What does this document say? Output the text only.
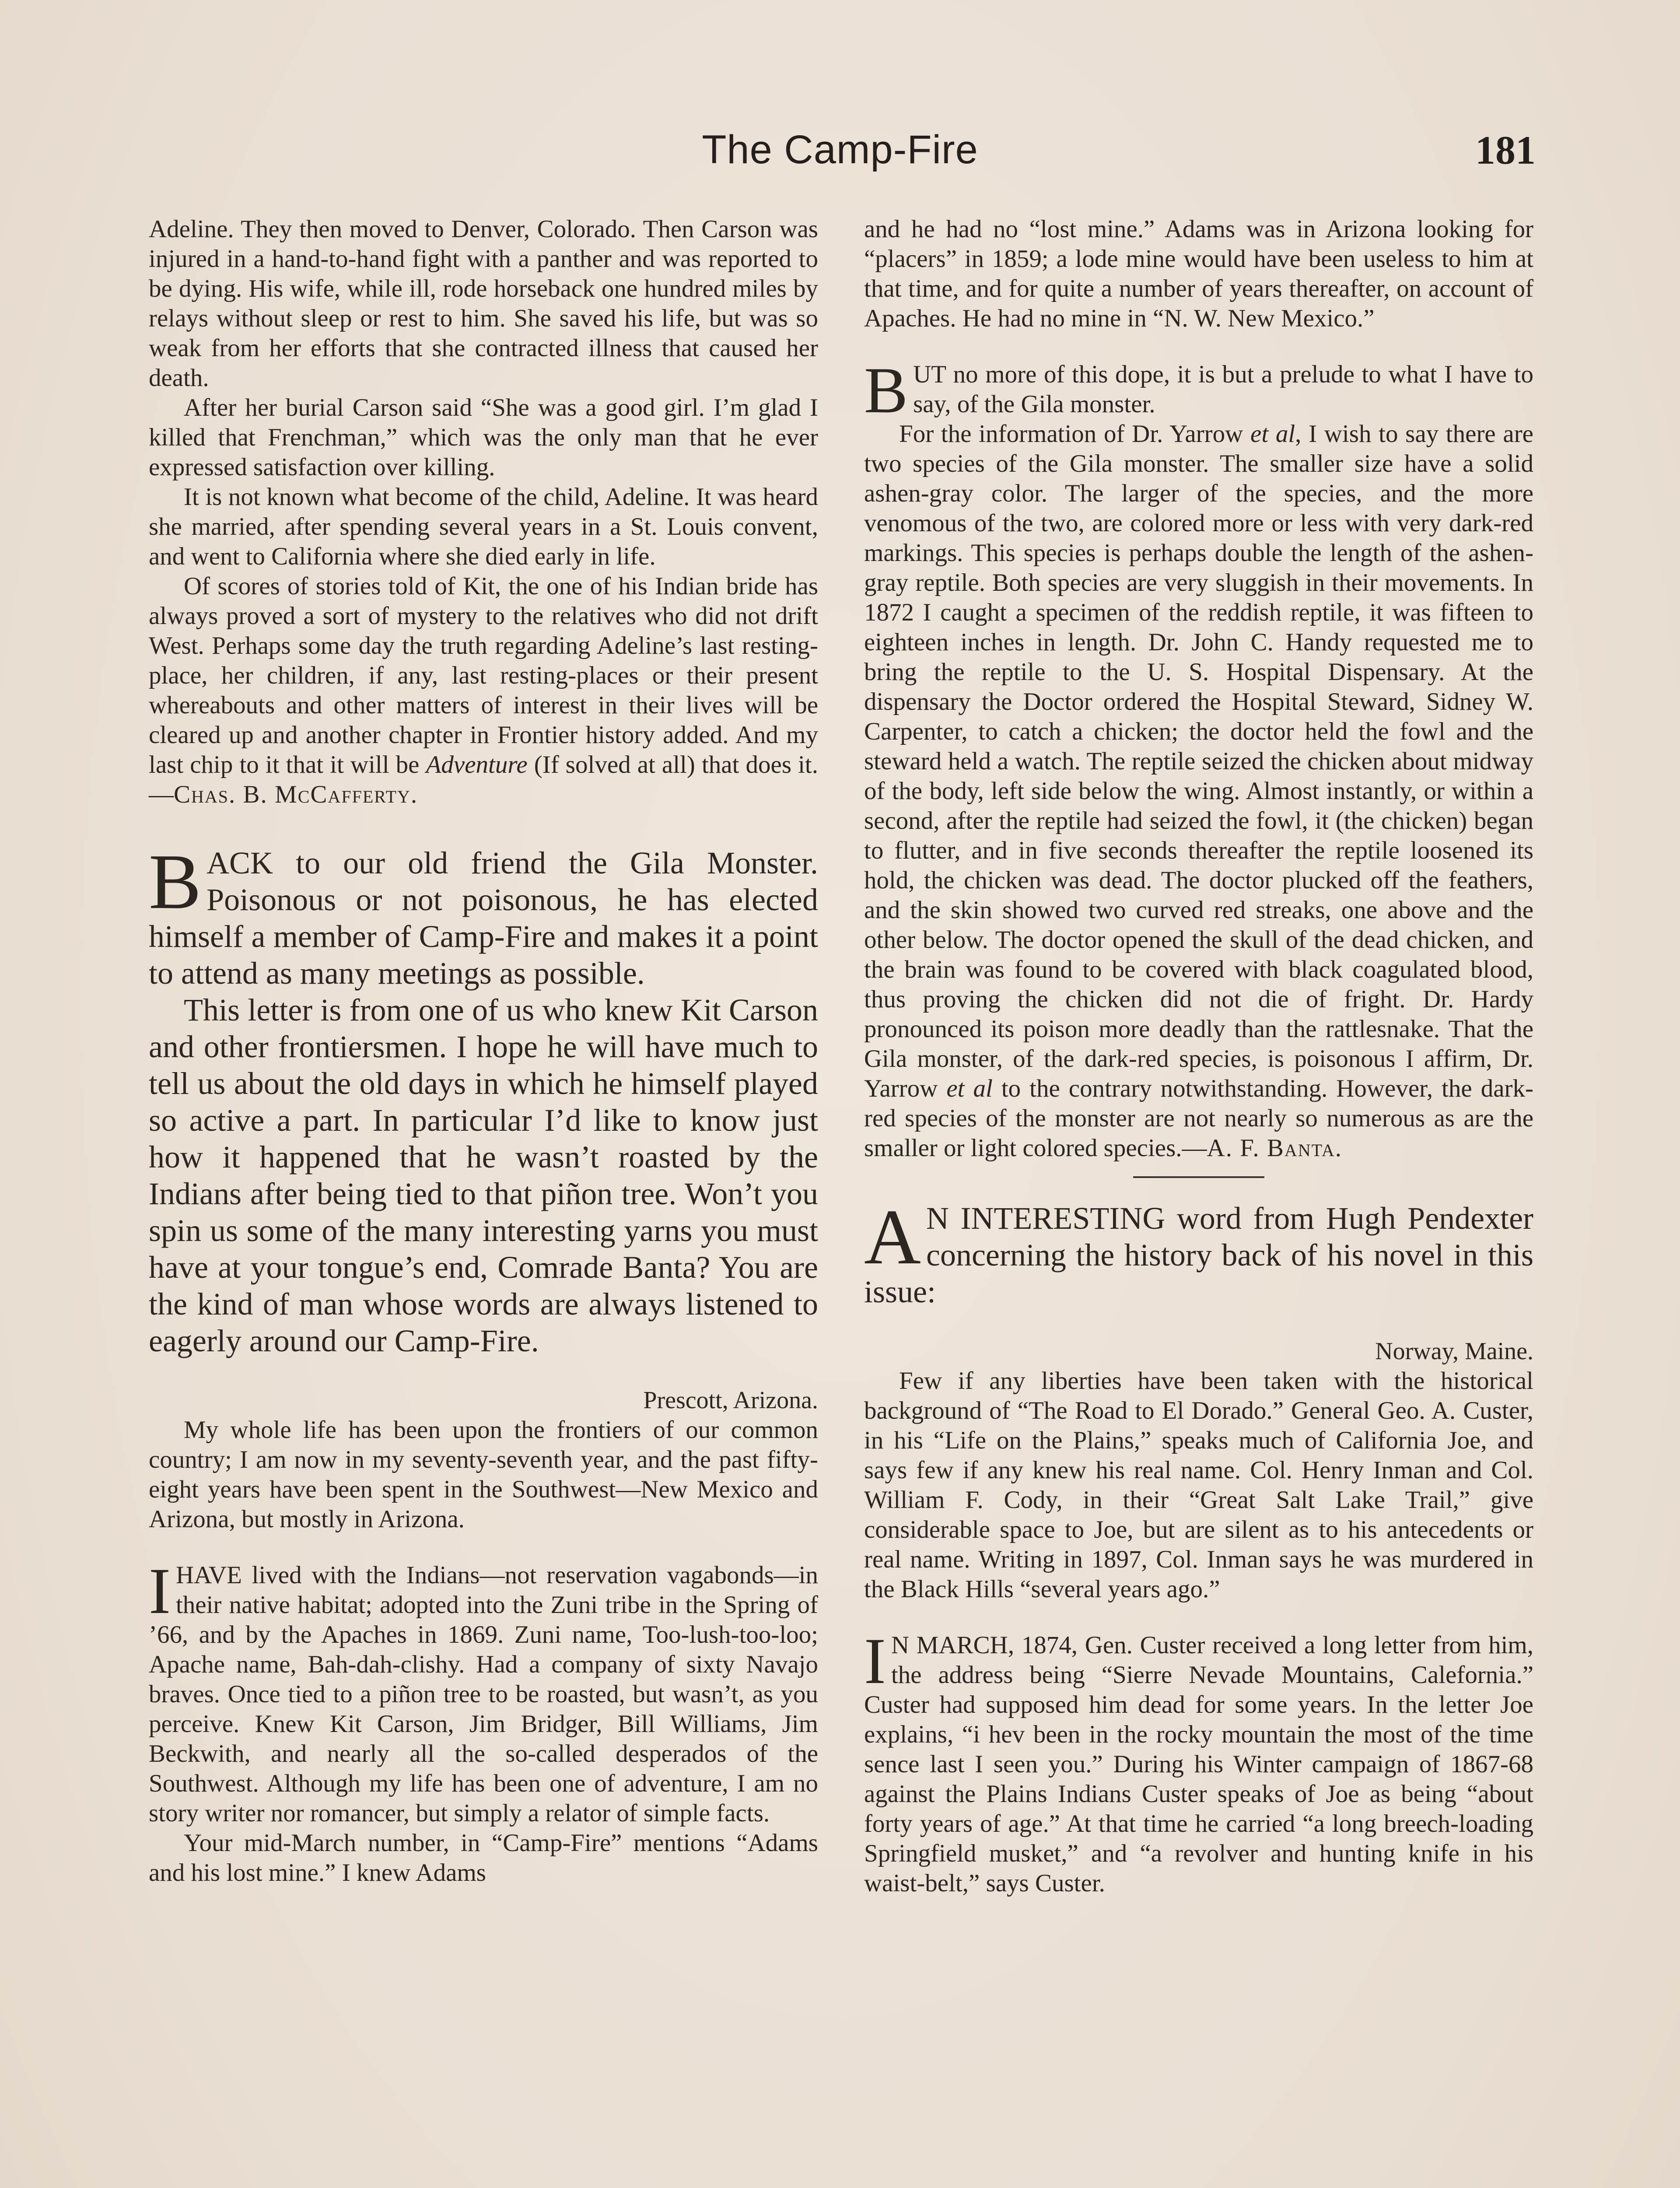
The Camp-Fire	181

Adeline. They then moved to Denver, Colorado. Then Carson was injured in a hand-to-hand fight with a panther and was reported to be dying. His wife, while ill, rode horseback one hundred miles by relays without sleep or rest to him. She saved his life, but was so weak from her efforts that she contracted illness that caused her death.

After her burial Carson said “She was a good girl. I’m glad I killed that Frenchman,” which was the only man that he ever expressed satisfaction over killing.

It is not known what become of the child, Adeline. It was heard she married, after spending several years in a St. Louis convent, and went to California where she died early in life.

Of scores of stories told of Kit, the one of his Indian bride has always proved a sort of mystery to the relatives who did not drift West. Perhaps some day the truth regarding Adeline’s last resting-place, her children, if any, last resting-places or their present whereabouts and other matters of interest in their lives will be cleared up and another chapter in Frontier history added. And my last chip to it that it will be Adventure (If solved at all) that does it.—Chas. B. McCafferty.

BACK to our old friend the Gila Monster. Poisonous or not poisonous, he has elected himself a member of Camp-Fire and makes it a point to attend as many meetings as possible.

This letter is from one of us who knew Kit Carson and other frontiersmen. I hope he will have much to tell us about the old days in which he himself played so active a part. In particular I’d like to know just how it happened that he wasn’t roasted by the Indians after being tied to that piñon tree. Won’t you spin us some of the many interesting yarns you must have at your tongue’s end, Comrade Banta? You are the kind of man whose words are always listened to eagerly around our Camp-Fire.

Prescott, Arizona.

My whole life has been upon the frontiers of our common country; I am now in my seventy-seventh year, and the past fifty-eight years have been spent in the Southwest—New Mexico and Arizona, but mostly in Arizona.

I HAVE lived with the Indians—not reservation vagabonds—in their native habitat; adopted into the Zuni tribe in the Spring of ’66, and by the Apaches in 1869. Zuni name, Too-lush-too-loo; Apache name, Bah-dah-clishy. Had a company of sixty Navajo braves. Once tied to a piñon tree to be roasted, but wasn’t, as you perceive. Knew Kit Carson, Jim Bridger, Bill Williams, Jim Beckwith, and nearly all the so-called desperados of the Southwest. Although my life has been one of adventure, I am no story writer nor romancer, but simply a relator of simple facts.

Your mid-March number, in “Camp-Fire” mentions “Adams and his lost mine.” I knew Adams

and he had no “lost mine.” Adams was in Arizona looking for “placers” in 1859; a lode mine would have been useless to him at that time, and for quite a number of years thereafter, on account of Apaches. He had no mine in “N. W. New Mexico.”

BUT no more of this dope, it is but a prelude to what I have to say, of the Gila monster.

For the information of Dr. Yarrow et al, I wish to say there are two species of the Gila monster. The smaller size have a solid ashen-gray color. The larger of the species, and the more venomous of the two, are colored more or less with very dark-red markings. This species is perhaps double the length of the ashen-gray reptile. Both species are very sluggish in their movements. In 1872 I caught a specimen of the reddish reptile, it was fifteen to eighteen inches in length. Dr. John C. Handy requested me to bring the reptile to the U. S. Hospital Dispensary. At the dispensary the Doctor ordered the Hospital Steward, Sidney W. Carpenter, to catch a chicken; the doctor held the fowl and the steward held a watch. The reptile seized the chicken about midway of the body, left side below the wing. Almost instantly, or within a second, after the reptile had seized the fowl, it (the chicken) began to flutter, and in five seconds thereafter the reptile loosened its hold, the chicken was dead. The doctor plucked off the feathers, and the skin showed two curved red streaks, one above and the other below. The doctor opened the skull of the dead chicken, and the brain was found to be covered with black coagulated blood, thus proving the chicken did not die of fright. Dr. Hardy pronounced its poison more deadly than the rattlesnake. That the Gila monster, of the dark-red species, is poisonous I affirm, Dr. Yarrow et al to the contrary notwithstanding. However, the dark-red species of the monster are not nearly so numerous as are the smaller or light colored species.—A. F. Banta.

A N INTERESTING word from Hugh Pendexter concerning the history back of his novel in this issue:

Norway, Maine.

Few if any liberties have been taken with the historical background of “The Road to El Dorado.” General Geo. A. Custer, in his “Life on the Plains,” speaks much of California Joe, and says few if any knew his real name. Col. Henry Inman and Col. William F. Cody, in their “Great Salt Lake Trail,” give considerable space to Joe, but are silent as to his antecedents or real name. Writing in 1897, Col. Inman says he was murdered in the Black Hills “several years ago.”

I N MARCH, 1874, Gen. Custer received a long letter from him, the address being “Sierre Nevade Mountains, Calefornia.” Custer had supposed him dead for some years. In the letter Joe explains, “i hev been in the rocky mountain the most of the time sence last I seen you.” During his Winter campaign of 1867-68 against the Plains Indians Custer speaks of Joe as being “about forty years of age.” At that time he carried “a long breech-loading Springfield musket,” and “a revolver and hunting knife in his waist-belt,” says Custer.
